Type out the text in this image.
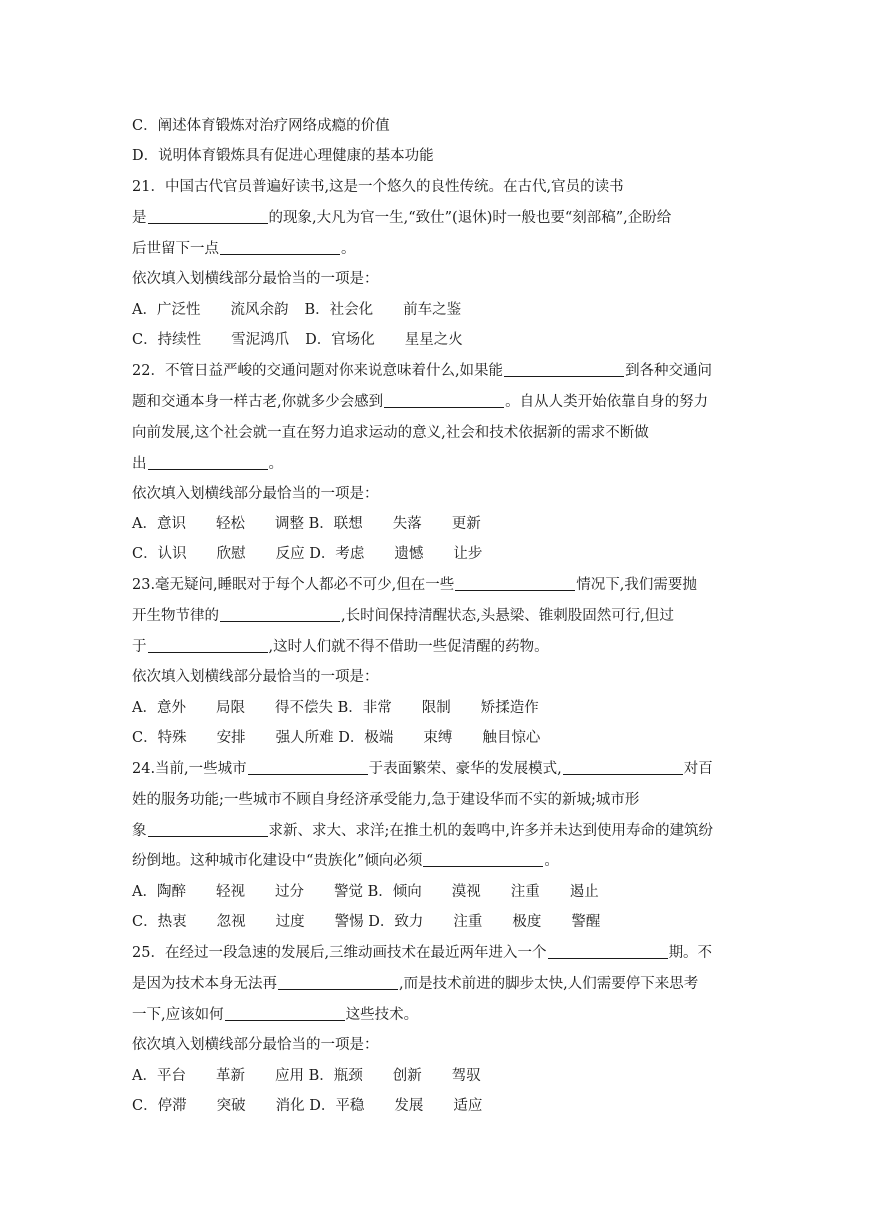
C．阐述体育锻炼对治疗网络成瘾的价值
D．说明体育锻炼具有促进心理健康的基本功能
21．中国古代官员普遍好读书,这是一个悠久的良性传统。在古代,官员的读书
是	的现象,大凡为官一生,“致仕”(退休)时一般也要“刻部稿”,企盼给
后世留下一点	。
依次填入划横线部分最恰当的一项是：
A．广泛性 流风余韵 B．社会化 前车之鉴
C．持续性 雪泥鸿爪 D．官场化 星星之火
22．不管日益严峻的交通问题对你来说意味着什么,如果能	到各种交通问
题和交通本身一样古老,你就多少会感到	。自从人类开始依靠自身的努力
向前发展,这个社会就一直在努力追求运动的意义,社会和技术依据新的需求不断做
出	。
依次填入划横线部分最恰当的一项是：
A．意识 轻松 调整 B．联想 失落 更新
C．认识 欣慰 反应 D．考虑 遗憾 让步
23.毫无疑问,睡眠对于每个人都必不可少,但在一些	情况下,我们需要抛
开生物节律的	,长时间保持清醒状态,头悬梁、锥刺股固然可行,但过
于	,这时人们就不得不借助一些促清醒的药物。
依次填入划横线部分最恰当的一项是：
A．意外 局限 得不偿失 B．非常 限制 矫揉造作
C．特殊 安排 强人所难 D．极端 束缚 触目惊心
24.当前,一些城市	于表面繁荣、豪华的发展模式,	对百
姓的服务功能;一些城市不顾自身经济承受能力,急于建设华而不实的新城;城市形
象	求新、求大、求洋;在推土机的轰鸣中,许多并未达到使用寿命的建筑纷
纷倒地。这种城市化建设中“贵族化”倾向必须	。
A．陶醉 轻视 过分 警觉 B．倾向 漠视 注重 遏止
C．热衷 忽视 过度 警惕 D．致力 注重 极度 警醒
25．在经过一段急速的发展后,三维动画技术在最近两年进入一个	期。不
是因为技术本身无法再	,而是技术前进的脚步太快,人们需要停下来思考
一下,应该如何	这些技术。
依次填入划横线部分最恰当的一项是：
A．平台 革新 应用 B．瓶颈 创新 驾驭
C．停滞 突破 消化 D．平稳 发展 适应
